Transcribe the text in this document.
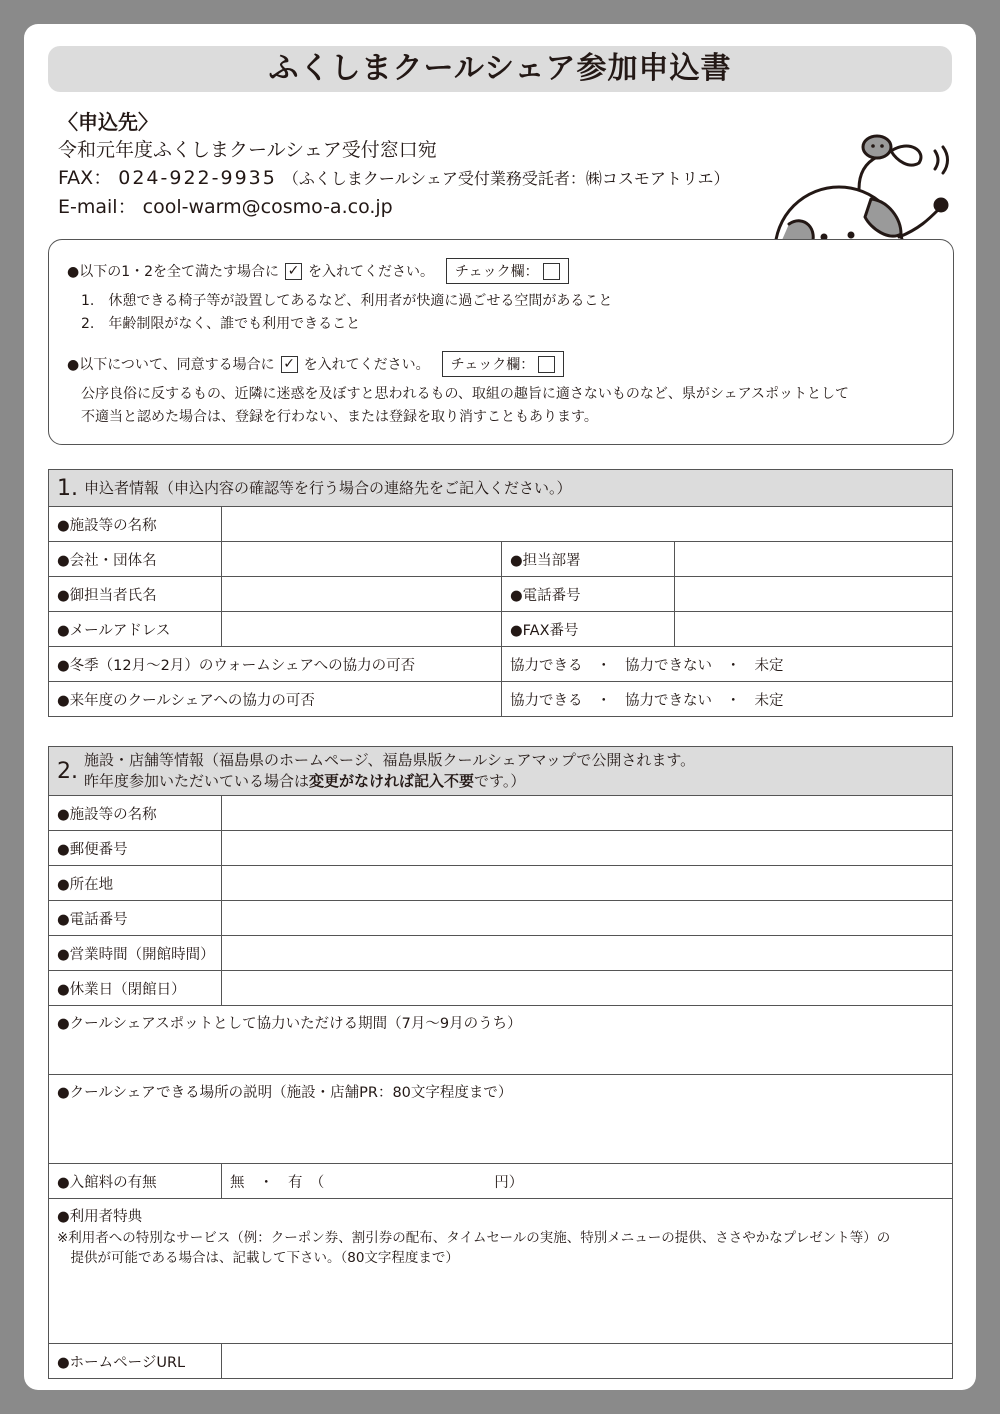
ふくしまクールシェア参加申込書
〈申込先〉
令和元年度ふくしまクールシェア受付窓口宛
FAX： 024-922-9935 （ふくしまクールシェア受付業務受託者：㈱コスモアトリエ）
E-mail： cool-warm@cosmo-a.co.jp
●以下の1・2を全て満たす場合に ✓ を入れてください。 チェック欄：
1.　休憩できる椅子等が設置してあるなど、利用者が快適に過ごせる空間があること
2.　年齢制限がなく、誰でも利用できること
●以下について、同意する場合に ✓ を入れてください。 チェック欄：
公序良俗に反するもの、近隣に迷惑を及ぼすと思われるもの、取組の趣旨に適さないものなど、県がシェアスポットとして
不適当と認めた場合は、登録を行わない、または登録を取り消すこともあります。
1. 申込者情報（申込内容の確認等を行う場合の連絡先をご記入ください。）			
●施設等の名称			
●会社・団体名		●担当部署	
●御担当者氏名		●電話番号	
●メールアドレス		●FAX番号	
●冬季（12月～2月）のウォームシェアへの協力の可否		協力できる ・ 協力できない ・ 未定	
●来年度のクールシェアへの協力の可否		協力できる ・ 協力できない ・ 未定	
2. 施設・店舗等情報（福島県のホームページ、福島県版クールシェアマップで公開されます。
昨年度参加いただいている場合は変更がなければ記入不要です。）	

●施設等の名称	
●郵便番号	
●所在地	
●電話番号	
●営業時間（開館時間）	
●休業日（閉館日）	
●クールシェアスポットとして協力いただける期間（7月～9月のうち）	
●クールシェアできる場所の説明（施設・店舗PR：80文字程度まで）	
●入館料の有無	無　・　有　（ 円）

●利用者特典
※利用者への特別なサービス（例：クーポン券、割引券の配布、タイムセールの実施、特別メニューの提供、ささやかなプレゼント等）の
　提供が可能である場合は、記載して下さい。（80文字程度まで）	

●ホームページURL	
